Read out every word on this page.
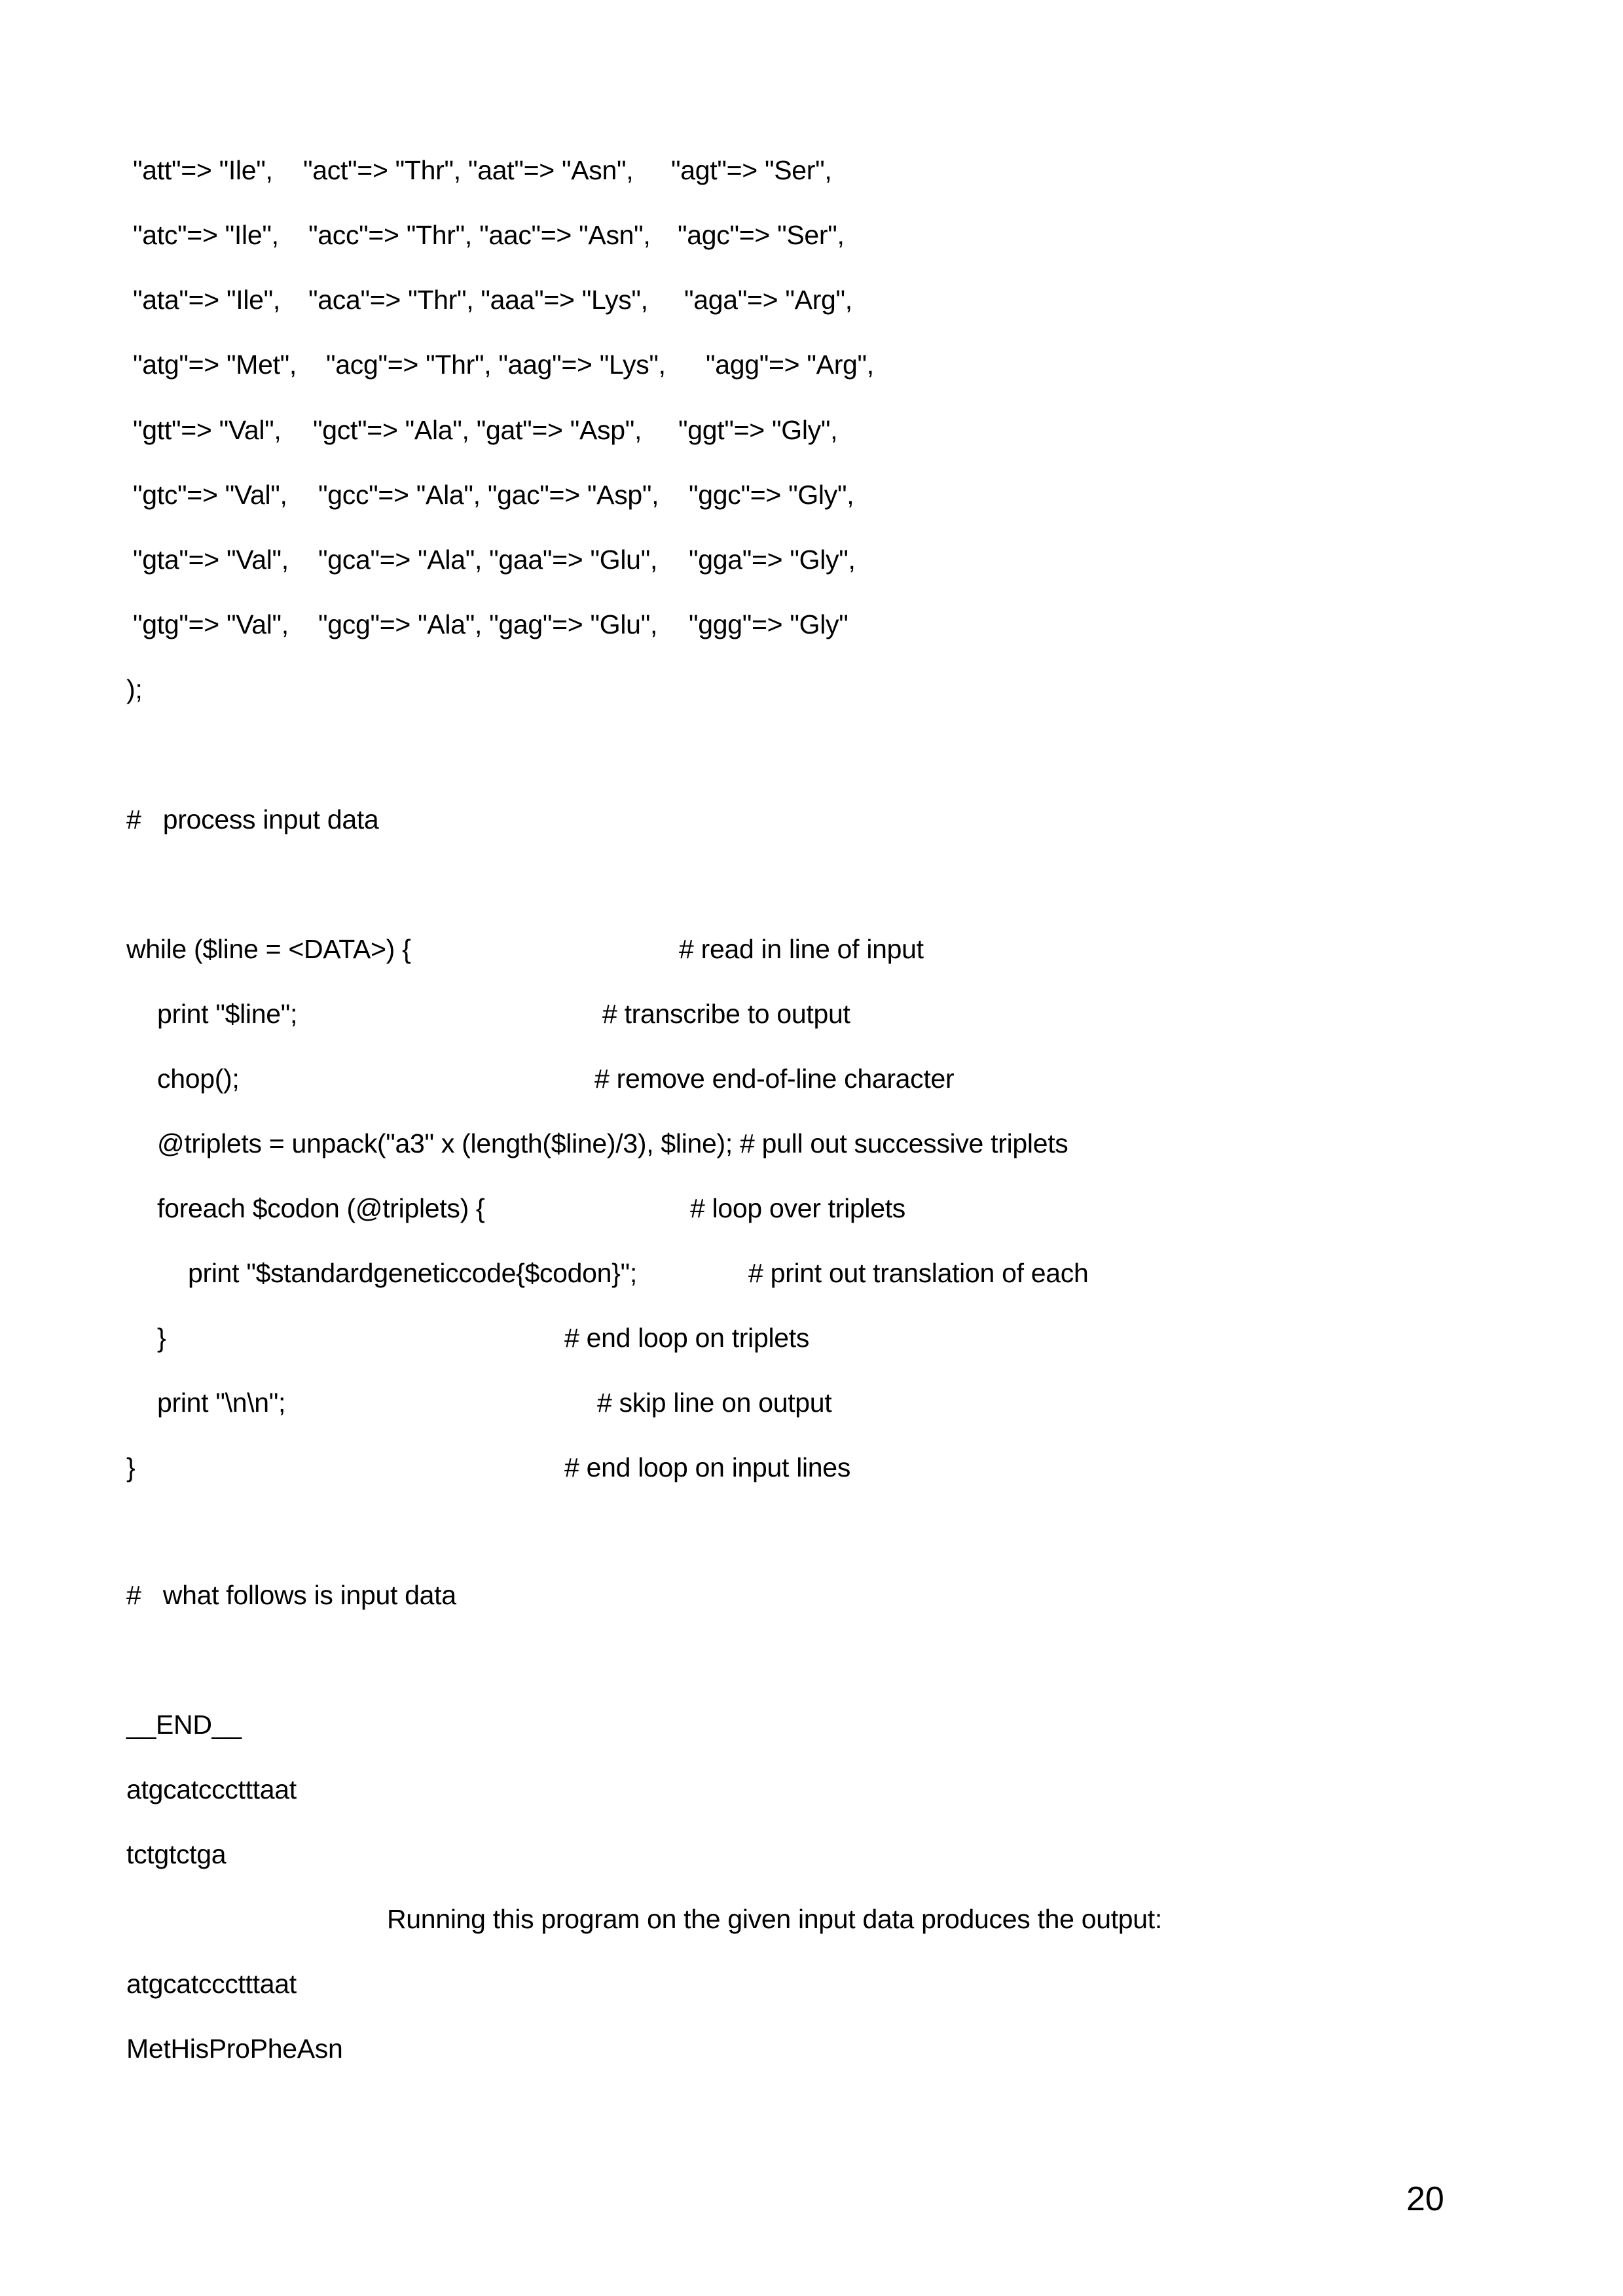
"att"=> "Ile", "act"=> "Thr", "aat"=> "Asn", "agt"=> "Ser",
"atc"=> "Ile", "acc"=> "Thr", "aac"=> "Asn", "agc"=> "Ser",
"ata"=> "Ile", "aca"=> "Thr", "aaa"=> "Lys", "aga"=> "Arg",
"atg"=> "Met", "acg"=> "Thr", "aag"=> "Lys", "agg"=> "Arg",
"gtt"=> "Val", "gct"=> "Ala", "gat"=> "Asp", "ggt"=> "Gly",
"gtc"=> "Val", "gcc"=> "Ala", "gac"=> "Asp", "ggc"=> "Gly",
"gta"=> "Val", "gca"=> "Ala", "gaa"=> "Glu", "gga"=> "Gly",
"gtg"=> "Val", "gcg"=> "Ala", "gag"=> "Glu", "ggg"=> "Gly"
);
#   process input data
while ($line = <DATA>) {	# read in line of input
print "$line";	# transcribe to output
chop();	# remove end-of-line character
@triplets = unpack("a3" x (length($line)/3), $line); # pull out successive triplets
foreach $codon (@triplets) {	# loop over triplets
print "$standardgeneticcode{$codon}";	# print out translation of each
}	# end loop on triplets
print "\n\n";	# skip line on output
}	# end loop on input lines
#   what follows is input data
__END__
atgcatccctttaat
tctgtctga
Running this program on the given input data produces the output:
atgcatccctttaat
MetHisProPheAsn
20
